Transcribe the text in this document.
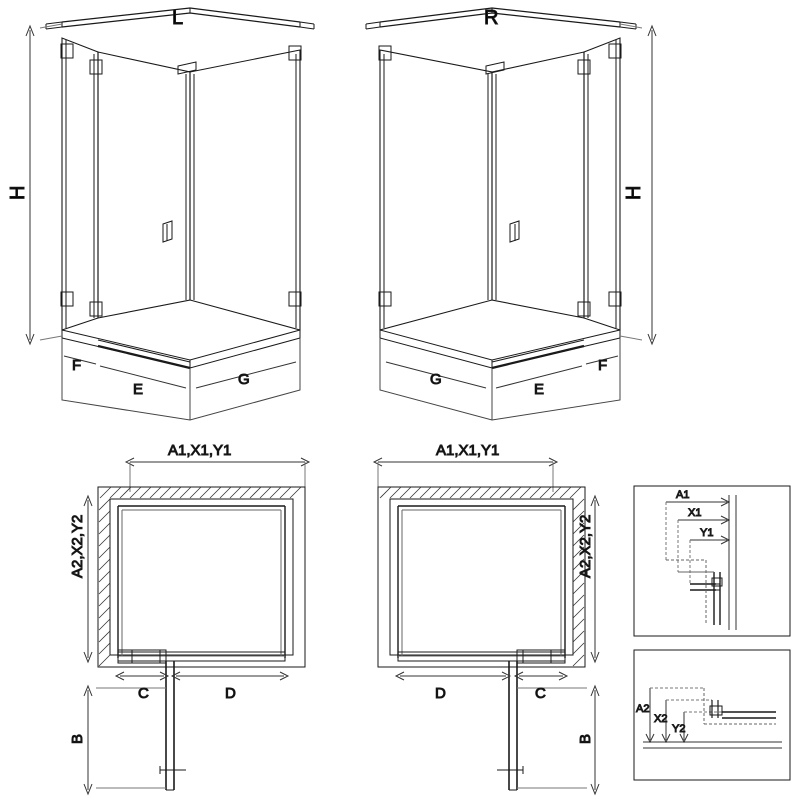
L
H
F
E
G
R
H
G
E
F
A1,X1,Y1
A2,X2,Y2
C	D
B
A1,X1,Y1
A2,X2,Y2
D	C
B
A1
X1
Y1
A2
X2
Y2
